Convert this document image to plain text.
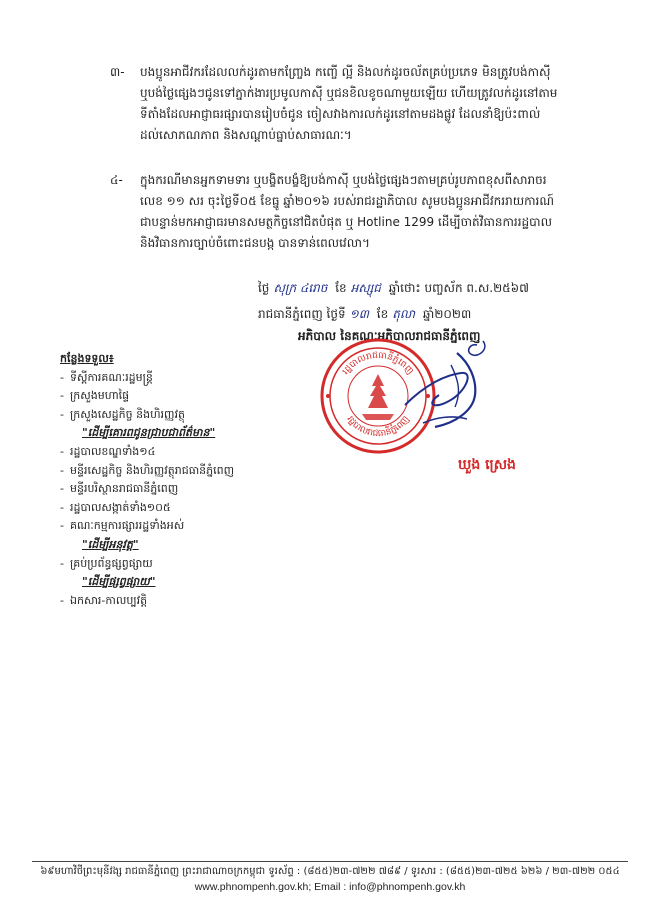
៣-	បងប្អូនអាជីវករដែលលក់ដូរតាមកញ្ច្រែង កញ្ចើ ល្អី និងលក់ដូរចល័តគ្រប់ប្រភេទ មិនត្រូវបង់កាសុី
ឬបង់ថ្លៃផ្សេងៗជូនទៅភ្នាក់ងារប្រមូលកាសុី ឬជនខិលខូចណាមួយឡើយ ហើយត្រូវលក់ដូរនៅតាម
ទីតាំងដែលអាជ្ញាធរផ្សារបានរៀបចំជូន ចៀសវាងការលក់ដូរនៅតាមដងផ្លូវ ដែលនាំឱ្យប៉ះពាល់
ដល់សោភណភាព និងសណ្តាប់ធ្នាប់សាធារណៈ។
៤-	ក្នុងករណីមានអ្នកទាមទារ ឬបង្ខិតបង្ខំឱ្យបង់កាសុី ឬបង់ថ្លៃផ្សេងៗតាមគ្រប់រូបភាពខុសពីសារាចរ
លេខ ១១ សរ ចុះថ្ងៃទី០៥ ខែធ្នូ ឆ្នាំ២០១៦ របស់រាជរដ្ឋាភិបាល សូមបងប្អូនអាជីវកររាយការណ៍
ជាបន្ទាន់មកអាជ្ញាធរមានសមត្ថកិច្ចនៅជិតបំផុត ឬ Hotline 1299 ដើម្បីចាត់វិធានការរដ្ឋបាល
និងវិធានការច្បាប់ចំពោះជនបង្ក បានទាន់ពេលវេលា។
ថ្ងៃ សុក្រ ៤រោច ខែ អស្សុជ ឆ្នាំថោះ បញ្ចស័ក ព.ស.២៥៦៧
រាជធានីភ្នំពេញ ថ្ងៃទី ១៣ ខែ តុលា ឆ្នាំ២០២៣
អភិបាល នៃគណៈអភិបាលរាជធានីភ្នំពេញ
រដ្ឋបាលរាជធានីភ្នំពេញ
រដ្ឋបាលរាជធានីភ្នំពេញ
ឃួង ស្រេង
កន្លែងទទួល៖
- ទីស្តីការគណៈរដ្ឋមន្ត្រី
- ក្រសួងមហាផ្ទៃ
- ក្រសួងសេដ្ឋកិច្ច និងហិរញ្ញវត្ថុ
"ដើម្បីគោរពជូនជ្រាបជាព័ត៌មាន"
- រដ្ឋបាលខណ្ឌទាំង១៤
- មន្ទីរសេដ្ឋកិច្ច និងហិរញ្ញវត្ថុរាជធានីភ្នំពេញ
- មន្ទីរបរិស្ថានរាជធានីភ្នំពេញ
- រដ្ឋបាលសង្កាត់ទាំង១០៥
- គណៈកម្មការផ្សាររដ្ឋទាំងអស់
"ដើម្បីអនុវត្ត"
- គ្រប់ប្រព័ន្ធផ្សព្វផ្សាយ
"ដើម្បីផ្សព្វផ្សាយ"
- ឯកសារ-កាលប្បវត្តិ
៦៩មហាវិថីព្រះមុនីវង្ស រាជធានីភ្នំពេញ ព្រះរាជាណាចក្រកម្ពុជា ទូរស័ព្ទ : (៨៥៥)២៣-៧២២ ៧៨៩ / ទូរសារ : (៨៥៥)២៣-៧២៥ ៦២៦ / ២៣-៧២២ ០៥៤
www.phnompenh.gov.kh; Email : info@phnompenh.gov.kh
